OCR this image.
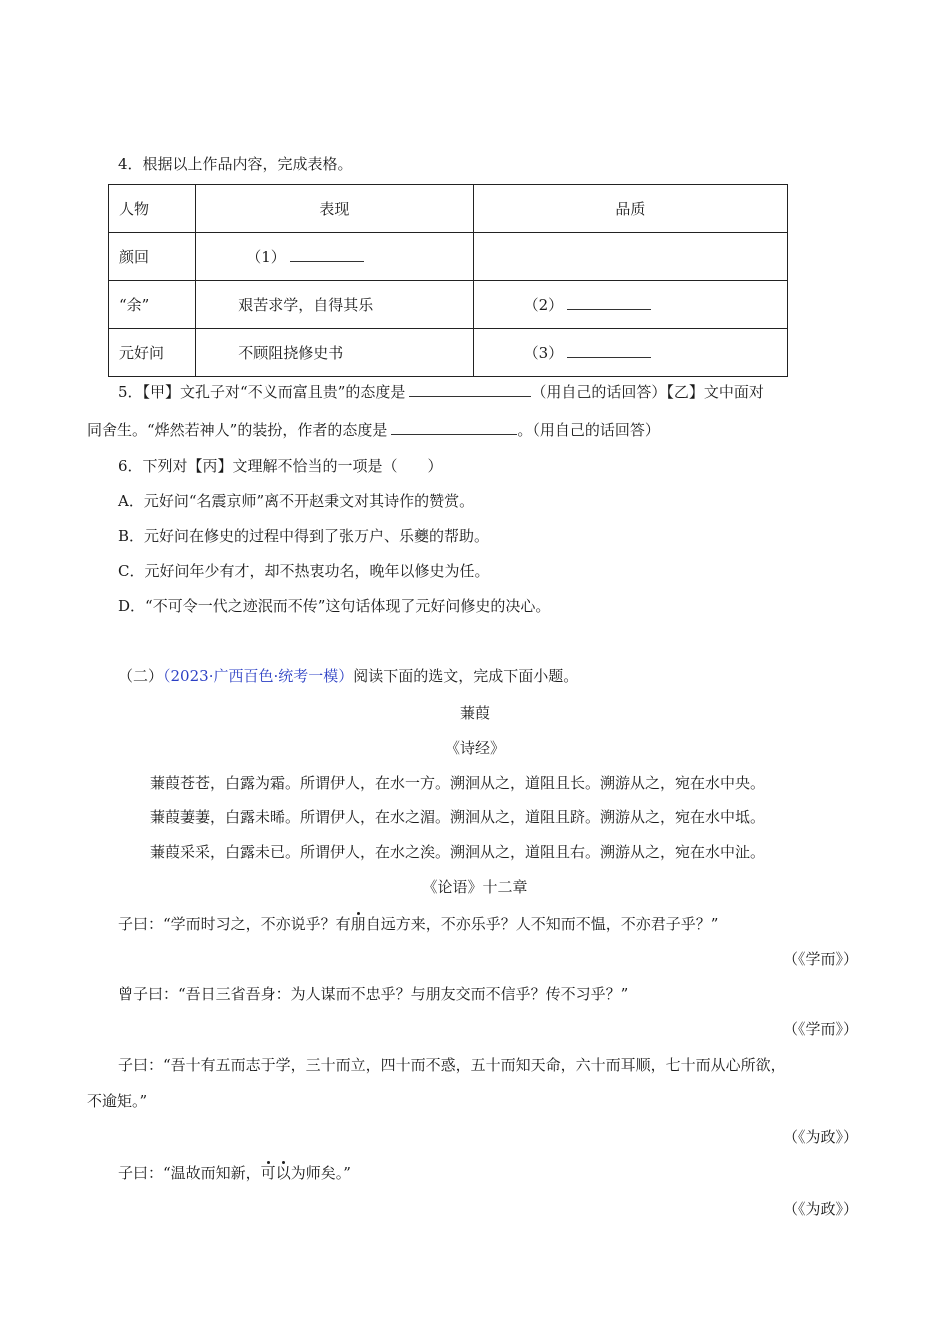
4．根据以上作品内容，完成表格。
人物	表现	品质
颜回	（1）	
“余”	艰苦求学，自得其乐	（2）
元好问	不顾阻挠修史书	（3）
5．【甲】文孔子对“不义而富且贵”的态度是	（用自己的话回答）【乙】文中面对
同舍生。“烨然若神人”的装扮，作者的态度是	。（用自己的话回答）
6．下列对【丙】文理解不恰当的一项是（　　）
A．元好问“名震京师”离不开赵秉文对其诗作的赞赏。
B．元好问在修史的过程中得到了张万户、乐夔的帮助。
C．元好问年少有才，却不热衷功名，晚年以修史为任。
D．“不可令一代之迹泯而不传”这句话体现了元好问修史的决心。
（二）（2023·广西百色·统考一模）阅读下面的选文，完成下面小题。
蒹葭
《诗经》
蒹葭苍苍，白露为霜。所谓伊人，在水一方。溯洄从之，道阻且长。溯游从之，宛在水中央。
蒹葭萋萋，白露未晞。所谓伊人，在水之湄。溯洄从之，道阻且跻。溯游从之，宛在水中坻。
蒹葭采采，白露未已。所谓伊人，在水之涘。溯洄从之，道阻且右。溯游从之，宛在水中沚。
《论语》十二章
子曰：“学而时习之，不亦说乎？有朋自远方来，不亦乐乎？人不知而不愠，不亦君子乎？”
（《学而》）
曾子曰：“吾日三省吾身：为人谋而不忠乎？与朋友交而不信乎？传不习乎？”
（《学而》）
子曰：“吾十有五而志于学，三十而立，四十而不惑，五十而知天命，六十而耳顺，七十而从心所欲，
不逾矩。”
（《为政》）
子曰：“温故而知新，可以为师矣。”
（《为政》）
